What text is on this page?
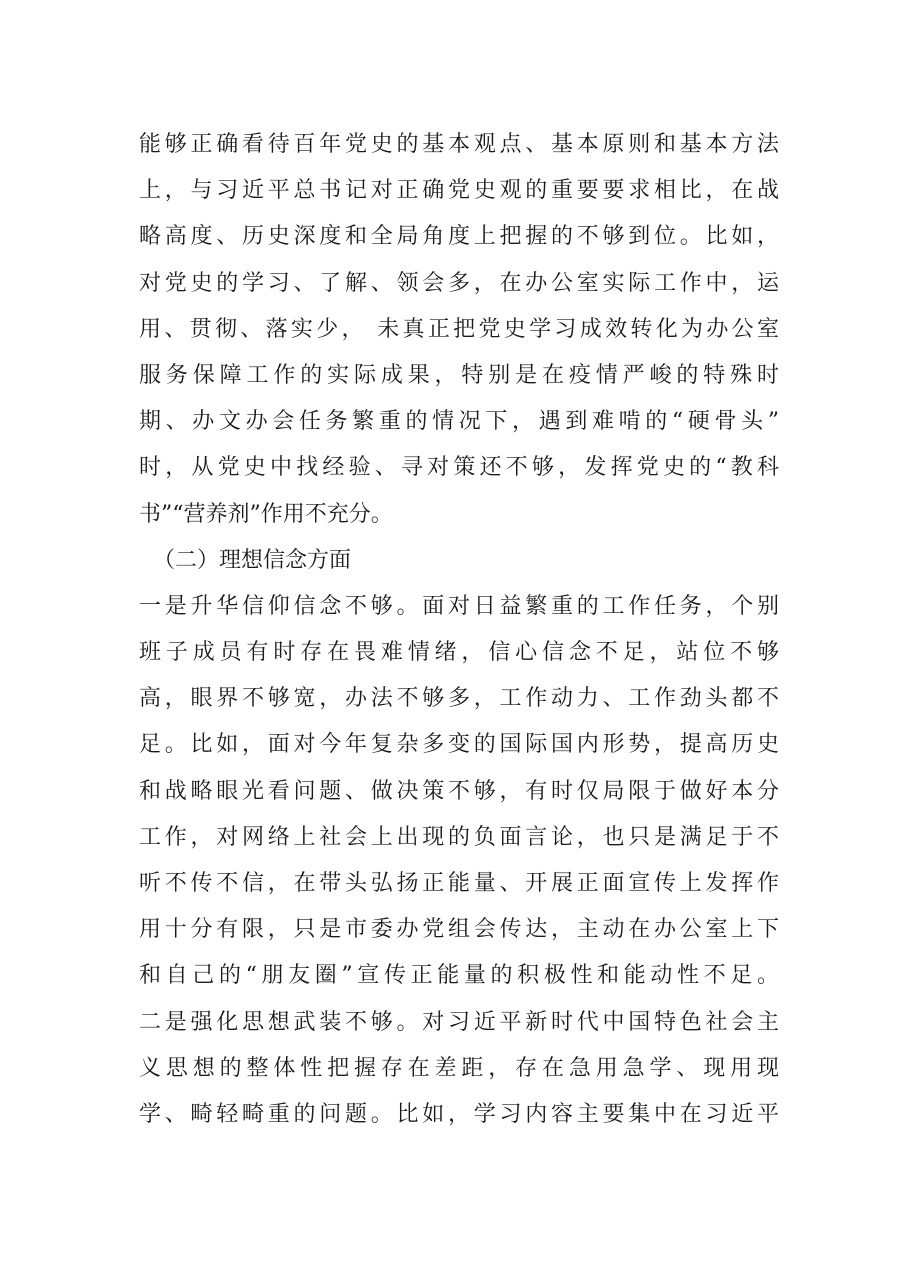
能够正确看待百年党史的基本观点、基本原则和基本方法
上，与习近平总书记对正确党史观的重要要求相比，在战
略高度、历史深度和全局角度上把握的不够到位。比如，
对党史的学习、了解、领会多，在办公室实际工作中，运
用、贯彻、落实少， 未真正把党史学习成效转化为办公室
服务保障工作的实际成果，特别是在疫情严峻的特殊时
期、办文办会任务繁重的情况下，遇到难啃的“硬骨头”
时，从党史中找经验、寻对策还不够，发挥党史的“教科
书”“营养剂”作用不充分。
（二）理想信念方面
一是升华信仰信念不够。面对日益繁重的工作任务，个别
班子成员有时存在畏难情绪，信心信念不足，站位不够
高，眼界不够宽，办法不够多，工作动力、工作劲头都不
足。比如，面对今年复杂多变的国际国内形势，提高历史
和战略眼光看问题、做决策不够，有时仅局限于做好本分
工作，对网络上社会上出现的负面言论，也只是满足于不
听不传不信，在带头弘扬正能量、开展正面宣传上发挥作
用十分有限，只是市委办党组会传达，主动在办公室上下
和自己的“朋友圈”宣传正能量的积极性和能动性不足。
二是强化思想武装不够。对习近平新时代中国特色社会主
义思想的整体性把握存在差距，存在急用急学、现用现
学、畸轻畸重的问题。比如，学习内容主要集中在习近平
